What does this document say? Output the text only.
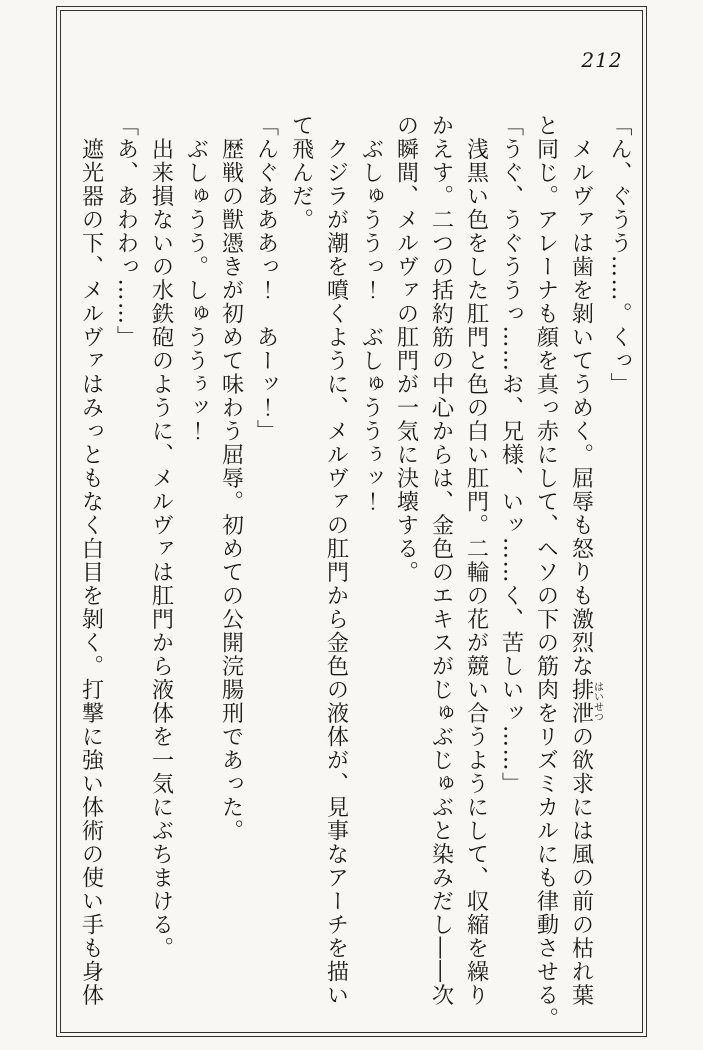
212
「ん、ぐうう……。くっ」
　メルヴァは歯を剝いてうめく。屈辱も怒りも激烈な排泄はいせつの欲求には風の前の枯れ葉
と同じ。アレーナも顔を真っ赤にして、ヘソの下の筋肉をリズミカルにも律動させる。
「うぐ、うぐううっ……お、兄様、いッ……く、苦しいッ……」
　浅黒い色をした肛門と色の白い肛門。二輪の花が競い合うようにして、収縮を繰り
かえす。二つの括約筋の中心からは、金色のエキスがじゅぶじゅぶと染みだし――次
の瞬間、メルヴァの肛門が一気に決壊する。
　ぶしゅううっ！　ぶしゅううぅッ！
　クジラが潮を噴くように、メルヴァの肛門から金色の液体が、見事なアーチを描い
て飛んだ。
「んぐあああっ！　あーッ！」
　歴戦の獣憑きが初めて味わう屈辱。初めての公開浣腸刑であった。
　ぶしゅうう。しゅううぅッ！
　出来損ないの水鉄砲のように、メルヴァは肛門から液体を一気にぶちまける。
「あ、あわわっ……」
　遮光器の下、メルヴァはみっともなく白目を剝く。打撃に強い体術の使い手も身体
